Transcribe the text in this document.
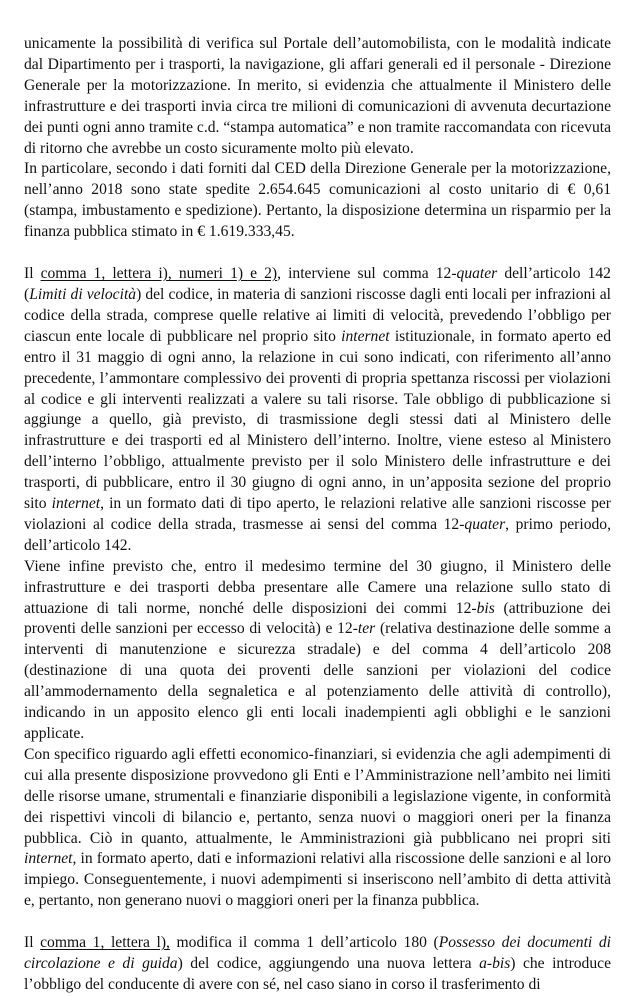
unicamente la possibilità di verifica sul Portale dell’automobilista, con le modalità indicate dal Dipartimento per i trasporti, la navigazione, gli affari generali ed il personale - Direzione Generale per la motorizzazione. In merito, si evidenzia che attualmente il Ministero delle infrastrutture e dei trasporti invia circa tre milioni di comunicazioni di avvenuta decurtazione dei punti ogni anno tramite c.d. “stampa automatica” e non tramite raccomandata con ricevuta di ritorno che avrebbe un costo sicuramente molto più elevato.

In particolare, secondo i dati forniti dal CED della Direzione Generale per la motorizzazione, nell’anno 2018 sono state spedite 2.654.645 comunicazioni al costo unitario di € 0,61 (stampa, imbustamento e spedizione). Pertanto, la disposizione determina un risparmio per la finanza pubblica stimato in € 1.619.333,45.

Il comma 1, lettera i), numeri 1) e 2), interviene sul comma 12-quater dell’articolo 142 (Limiti di velocità) del codice, in materia di sanzioni riscosse dagli enti locali per infrazioni al codice della strada, comprese quelle relative ai limiti di velocità, prevedendo l’obbligo per ciascun ente locale di pubblicare nel proprio sito internet istituzionale, in formato aperto ed entro il 31 maggio di ogni anno, la relazione in cui sono indicati, con riferimento all’anno precedente, l’ammontare complessivo dei proventi di propria spettanza riscossi per violazioni al codice e gli interventi realizzati a valere su tali risorse. Tale obbligo di pubblicazione si aggiunge a quello, già previsto, di trasmissione degli stessi dati al Ministero delle infrastrutture e dei trasporti ed al Ministero dell’interno. Inoltre, viene esteso al Ministero dell’interno l’obbligo, attualmente previsto per il solo Ministero delle infrastrutture e dei trasporti, di pubblicare, entro il 30 giugno di ogni anno, in un’apposita sezione del proprio sito internet, in un formato dati di tipo aperto, le relazioni relative alle sanzioni riscosse per violazioni al codice della strada, trasmesse ai sensi del comma 12-quater, primo periodo, dell’articolo 142.

Viene infine previsto che, entro il medesimo termine del 30 giugno, il Ministero delle infrastrutture e dei trasporti debba presentare alle Camere una relazione sullo stato di attuazione di tali norme, nonché delle disposizioni dei commi 12-bis (attribuzione dei proventi delle sanzioni per eccesso di velocità) e 12-ter (relativa destinazione delle somme a interventi di manutenzione e sicurezza stradale) e del comma 4 dell’articolo 208 (destinazione di una quota dei proventi delle sanzioni per violazioni del codice all’ammodernamento della segnaletica e al potenziamento delle attività di controllo), indicando in un apposito elenco gli enti locali inadempienti agli obblighi e le sanzioni applicate.

Con specifico riguardo agli effetti economico-finanziari, si evidenzia che agli adempimenti di cui alla presente disposizione provvedono gli Enti e l’Amministrazione nell’ambito nei limiti delle risorse umane, strumentali e finanziarie disponibili a legislazione vigente, in conformità dei rispettivi vincoli di bilancio e, pertanto, senza nuovi o maggiori oneri per la finanza pubblica. Ciò in quanto, attualmente, le Amministrazioni già pubblicano nei propri siti internet, in formato aperto, dati e informazioni relativi alla riscossione delle sanzioni e al loro impiego. Conseguentemente, i nuovi adempimenti si inseriscono nell’ambito di detta attività e, pertanto, non generano nuovi o maggiori oneri per la finanza pubblica.

Il comma 1, lettera l), modifica il comma 1 dell’articolo 180 (Possesso dei documenti di circolazione e di guida) del codice, aggiungendo una nuova lettera a-bis) che introduce l’obbligo del conducente di avere con sé, nel caso siano in corso il trasferimento di
